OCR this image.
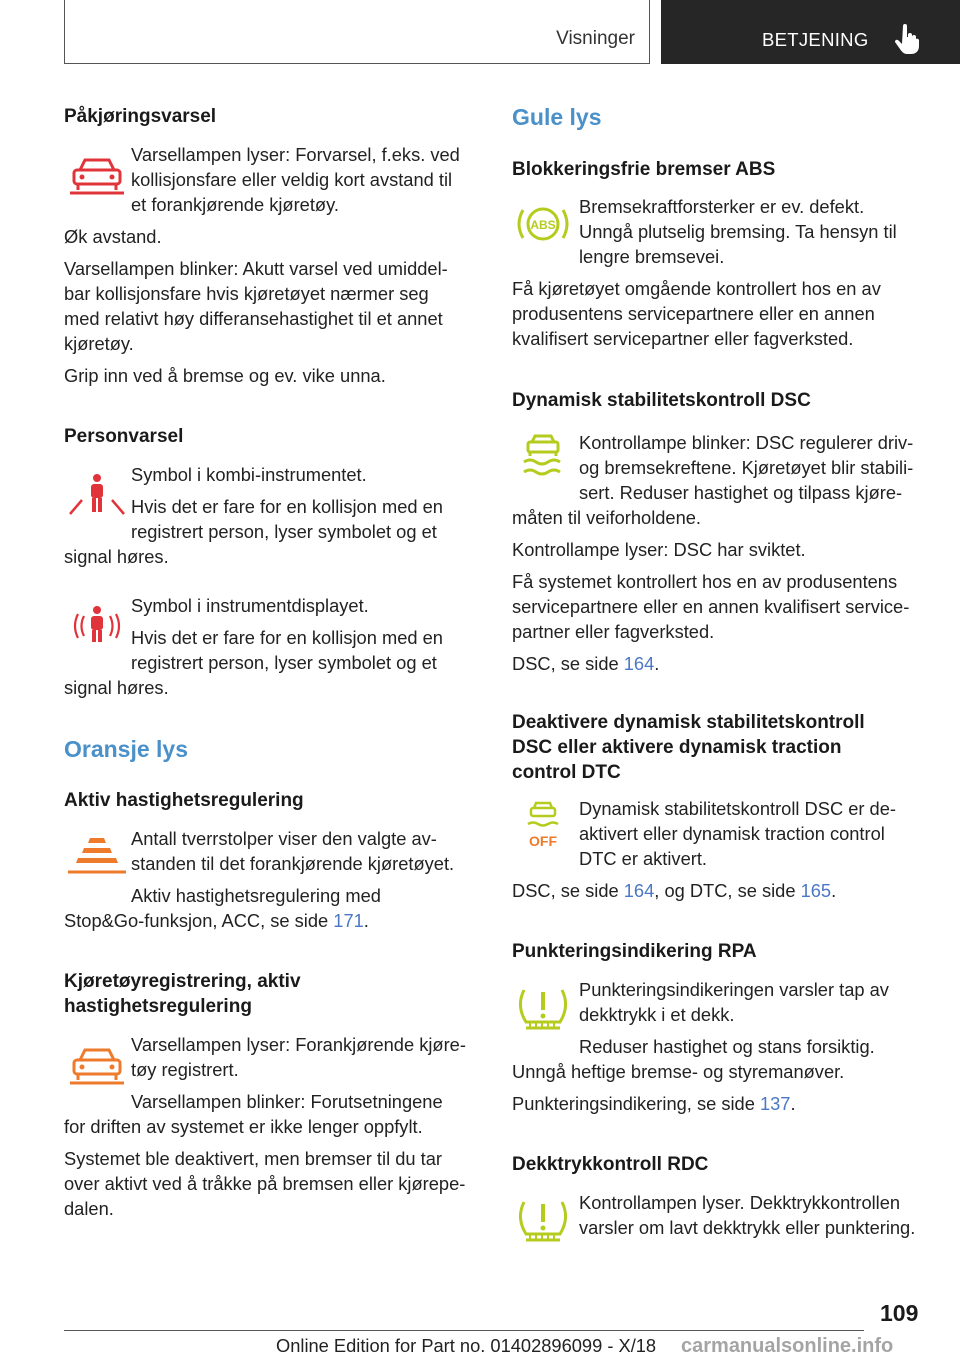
Visninger	BETJENING
Påkjøringsvarsel
Varsellampen lyser: Forvarsel, f.eks. ved
kollisjonsfare eller veldig kort avstand til
et forankjørende kjøretøy.
Øk avstand.
Varsellampen blinker: Akutt varsel ved umiddel-
bar kollisjonsfare hvis kjøretøyet nærmer seg
med relativt høy differansehastighet til et annet
kjøretøy.
Grip inn ved å bremse og ev. vike unna.
Personvarsel
Symbol i kombi-instrumentet.
Hvis det er fare for en kollisjon med en
registrert person, lyser symbolet og et
signal høres.
Symbol i instrumentdisplayet.
Hvis det er fare for en kollisjon med en
registrert person, lyser symbolet og et
signal høres.
Oransje lys
Aktiv hastighetsregulering
Antall tverrstolper viser den valgte av-
standen til det forankjørende kjøretøyet.
Aktiv hastighetsregulering med
Stop&Go-funksjon, ACC, se side 171.
Kjøretøyregistrering, aktiv
hastighetsregulering
Varsellampen lyser: Forankjørende kjøre-
tøy registrert.
Varsellampen blinker: Forutsetningene
for driften av systemet er ikke lenger oppfylt.
Systemet ble deaktivert, men bremser til du tar
over aktivt ved å tråkke på bremsen eller kjørepe-
dalen.
Gule lys
Blokkeringsfrie bremser ABS
ABS
Bremsekraftforsterker er ev. defekt.
Unngå plutselig bremsing. Ta hensyn til
lengre bremsevei.
Få kjøretøyet omgående kontrollert hos en av
produsentens servicepartnere eller en annen
kvalifisert servicepartner eller fagverksted.
Dynamisk stabilitetskontroll DSC
Kontrollampe blinker: DSC regulerer driv-
og bremsekreftene. Kjøretøyet blir stabili-
sert. Reduser hastighet og tilpass kjøre-
måten til veiforholdene.
Kontrollampe lyser: DSC har sviktet.
Få systemet kontrollert hos en av produsentens
servicepartnere eller en annen kvalifisert service-
partner eller fagverksted.
DSC, se side 164.
Deaktivere dynamisk stabilitetskontroll
DSC eller aktivere dynamisk traction
control DTC
OFF
Dynamisk stabilitetskontroll DSC er de-
aktivert eller dynamisk traction control
DTC er aktivert.
DSC, se side 164, og DTC, se side 165.
Punkteringsindikering RPA
Punkteringsindikeringen varsler tap av
dekktrykk i et dekk.
Reduser hastighet og stans forsiktig.
Unngå heftige bremse- og styremanøver.
Punkteringsindikering, se side 137.
Dekktrykkontroll RDC
Kontrollampen lyser. Dekktrykkontrollen
varsler om lavt dekktrykk eller punktering.
109
Online Edition for Part no. 01402896099 - X/18 carmanualsonline.info
